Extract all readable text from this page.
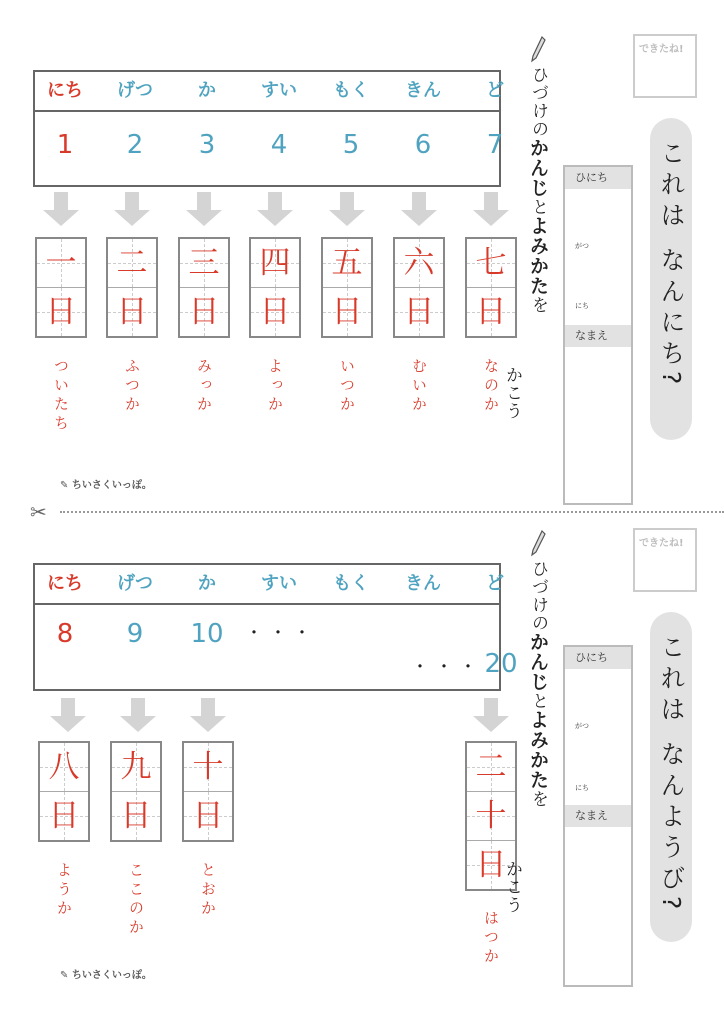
できたね!
にち	げつ	か	すい	もく	きん	ど
1	2	3	4	5	6	7
一
日
二
日
三
日
四
日
五
日
六
日
七
日
ついたち	ふつか	みっか	よっか	いつか	むいか	なのか
ひづけのかんじとよみかたを
かこう
ひにち
がつ
にち
なまえ	これは なんにち?
✎ ちいさくいっぽ。
✂
できたね!
にち	げつ	か	すい	もく	きん	ど
8	9	10	・・・
・・・ 20
八
日
九
日
十
日
二
十
日
ようか	ここのか	とおか
はつか
ひづけのかんじとよみかたを
かこう
ひにち
がつ
にち
なまえ	これは なんようび?
✎ ちいさくいっぽ。
